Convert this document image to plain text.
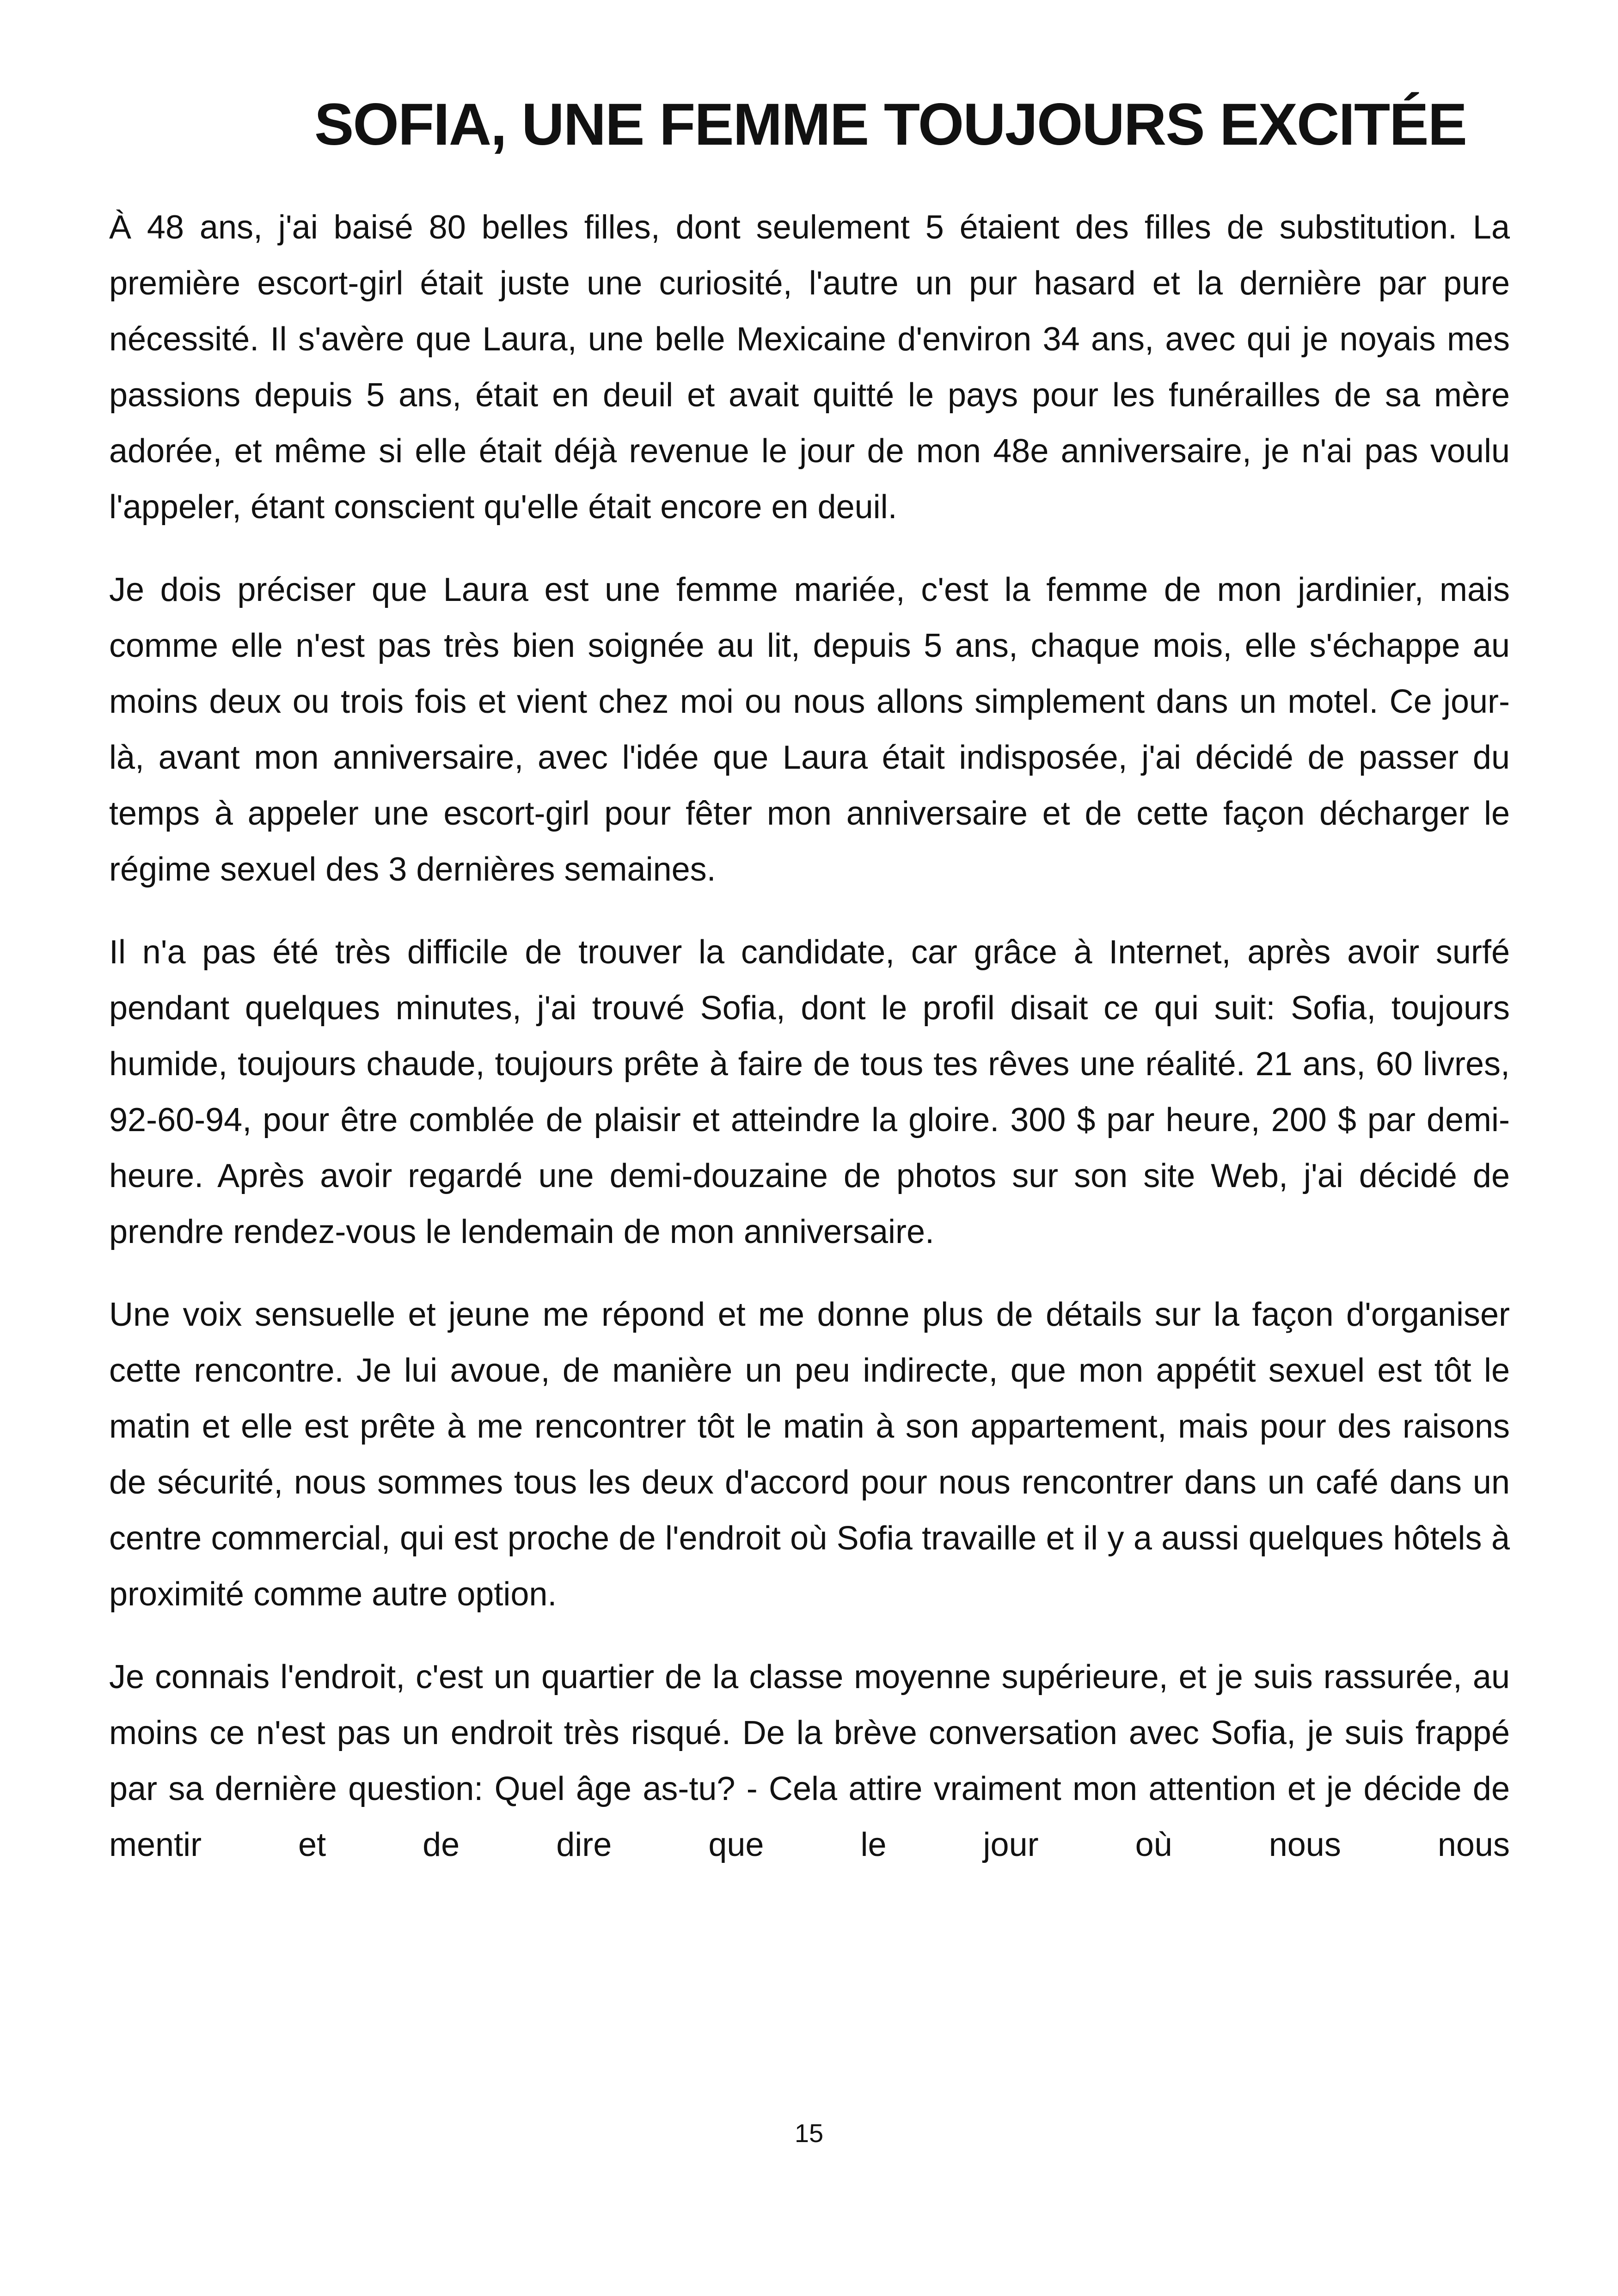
SOFIA, UNE FEMME TOUJOURS EXCITÉE

À 48 ans, j'ai baisé 80 belles filles, dont seulement 5 étaient des filles de substitution. La première escort-girl était juste une curiosité, l'autre un pur hasard et la dernière par pure nécessité. Il s'avère que Laura, une belle Mexicaine d'environ 34 ans, avec qui je noyais mes passions depuis 5 ans, était en deuil et avait quitté le pays pour les funérailles de sa mère adorée, et même si elle était déjà revenue le jour de mon 48e anniversaire, je n'ai pas voulu l'appeler, étant conscient qu'elle était encore en deuil.

Je dois préciser que Laura est une femme mariée, c'est la femme de mon jardinier, mais comme elle n'est pas très bien soignée au lit, depuis 5 ans, chaque mois, elle s'échappe au moins deux ou trois fois et vient chez moi ou nous allons simplement dans un motel. Ce jour-là, avant mon anniversaire, avec l'idée que Laura était indisposée, j'ai décidé de passer du temps à appeler une escort-girl pour fêter mon anniversaire et de cette façon décharger le régime sexuel des 3 dernières semaines.

Il n'a pas été très difficile de trouver la candidate, car grâce à Internet, après avoir surfé pendant quelques minutes, j'ai trouvé Sofia, dont le profil disait ce qui suit: Sofia, toujours humide, toujours chaude, toujours prête à faire de tous tes rêves une réalité. 21 ans, 60 livres, 92-60-94, pour être comblée de plaisir et atteindre la gloire. 300 $ par heure, 200 $ par demi-heure. Après avoir regardé une demi-douzaine de photos sur son site Web, j'ai décidé de prendre rendez-vous le lendemain de mon anniversaire.

Une voix sensuelle et jeune me répond et me donne plus de détails sur la façon d'organiser cette rencontre. Je lui avoue, de manière un peu indirecte, que mon appétit sexuel est tôt le matin et elle est prête à me rencontrer tôt le matin à son appartement, mais pour des raisons de sécurité, nous sommes tous les deux d'accord pour nous rencontrer dans un café dans un centre commercial, qui est proche de l'endroit où Sofia travaille et il y a aussi quelques hôtels à proximité comme autre option.

Je connais l'endroit, c'est un quartier de la classe moyenne supérieure, et je suis rassurée, au moins ce n'est pas un endroit très risqué. De la brève conversation avec Sofia, je suis frappé par sa dernière question: Quel âge as-tu? - Cela attire vraiment mon attention et je décide de mentir et de dire que le jour où nous nous

15
